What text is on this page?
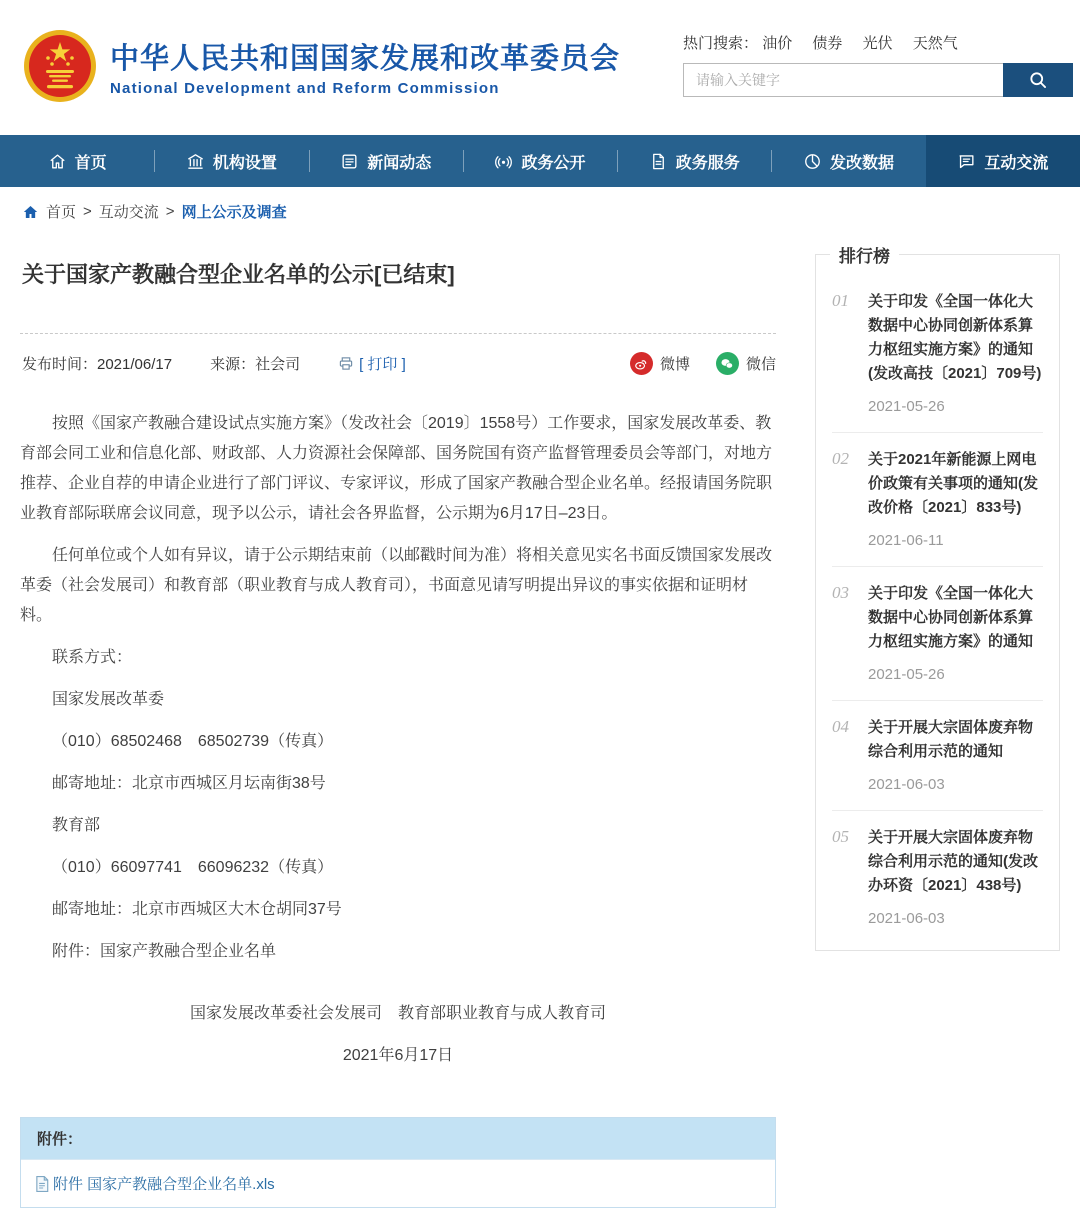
中华人民共和国国家发展和改革委员会
National Development and Reform Commission
热门搜索： 油价 债券 光伏 天然气
请输入关键字
首页	机构设置	新闻动态	政务公开	政务服务	发改数据	互动交流
首页 > 互动交流 > 网上公示及调查
关于国家产教融合型企业名单的公示[已结束]
发布时间：2021/06/17	来源：社会司	[ 打印 ]	微博	微信

按照《国家产教融合建设试点实施方案》（发改社会〔2019〕1558号）工作要求，国家发展改革委、教育部会同工业和信息化部、财政部、人力资源社会保障部、国务院国有资产监督管理委员会等部门，对地方推荐、企业自荐的申请企业进行了部门评议、专家评议，形成了国家产教融合型企业名单。经报请国务院职业教育部际联席会议同意，现予以公示，请社会各界监督，公示期为6月17日–23日。

任何单位或个人如有异议，请于公示期结束前（以邮戳时间为准）将相关意见实名书面反馈国家发展改革委（社会发展司）和教育部（职业教育与成人教育司），书面意见请写明提出异议的事实依据和证明材料。

联系方式：

国家发展改革委

（010）68502468　68502739（传真）

邮寄地址：北京市西城区月坛南街38号

教育部

（010）66097741　66096232（传真）

邮寄地址：北京市西城区大木仓胡同37号

附件：国家产教融合型企业名单

国家发展改革委社会发展司　教育部职业教育与成人教育司

2021年6月17日

附件：
附件 国家产教融合型企业名单.xls
排行榜
01	关于印发《全国一体化大数据中心协同创新体系算力枢纽实施方案》的通知(发改高技〔2021〕709号)
2021-05-26
02	关于2021年新能源上网电价政策有关事项的通知(发改价格〔2021〕833号)
2021-06-11
03	关于印发《全国一体化大数据中心协同创新体系算力枢纽实施方案》的通知
2021-05-26
04	关于开展大宗固体废弃物综合利用示范的通知
2021-06-03
05	关于开展大宗固体废弃物综合利用示范的通知(发改办环资〔2021〕438号)
2021-06-03
